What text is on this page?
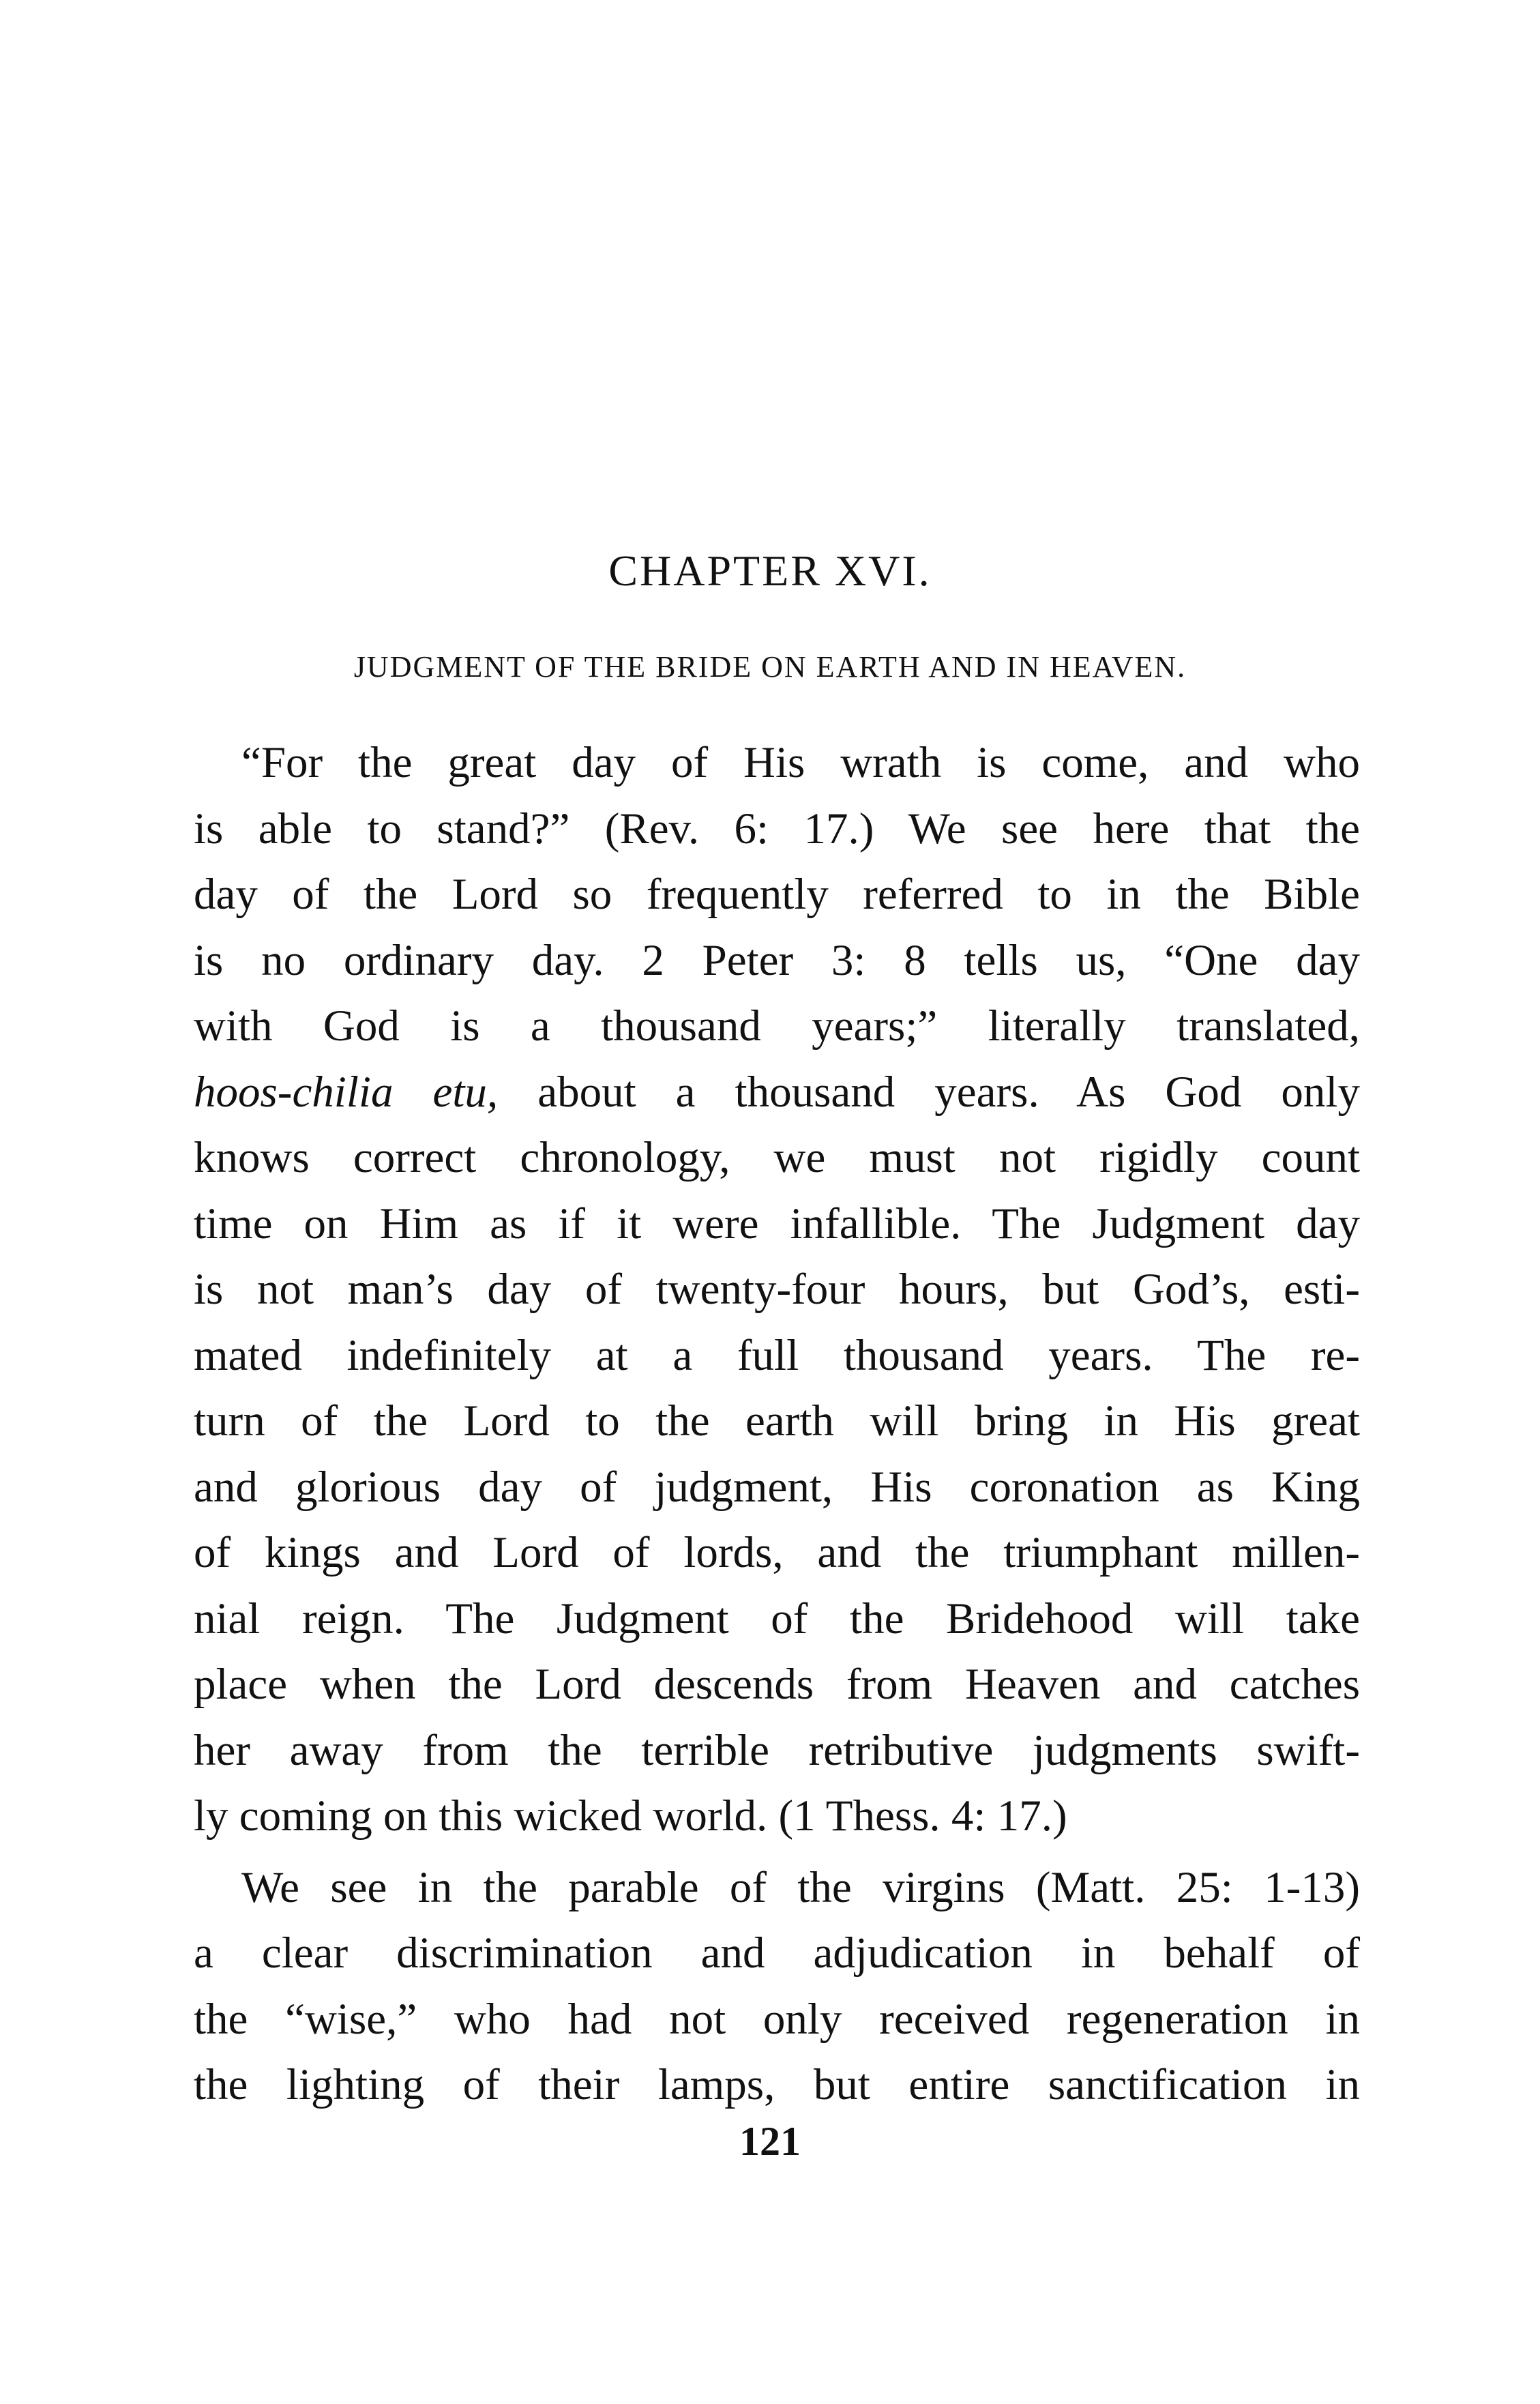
CHAPTER XVI.
JUDGMENT OF THE BRIDE ON EARTH AND IN HEAVEN.
“For the great day of His wrath is come, and who
is able to stand?” (Rev. 6: 17.) We see here that the
day of the Lord so frequently referred to in the Bible
is no ordinary day. 2 Peter 3: 8 tells us, “One day
with God is a thousand years;” literally translated,
hoos-chilia etu, about a thousand years. As God only
knows correct chronology, we must not rigidly count
time on Him as if it were infallible. The Judgment day
is not man’s day of twenty-four hours, but God’s, esti-
mated indefinitely at a full thousand years. The re-
turn of the Lord to the earth will bring in His great
and glorious day of judgment, His coronation as King
of kings and Lord of lords, and the triumphant millen-
nial reign. The Judgment of the Bridehood will take
place when the Lord descends from Heaven and catches
her away from the terrible retributive judgments swift-
ly coming on this wicked world. (1 Thess. 4: 17.)
We see in the parable of the virgins (Matt. 25: 1-13)
a clear discrimination and adjudication in behalf of
the “wise,” who had not only received regeneration in
the lighting of their lamps, but entire sanctification in
121
